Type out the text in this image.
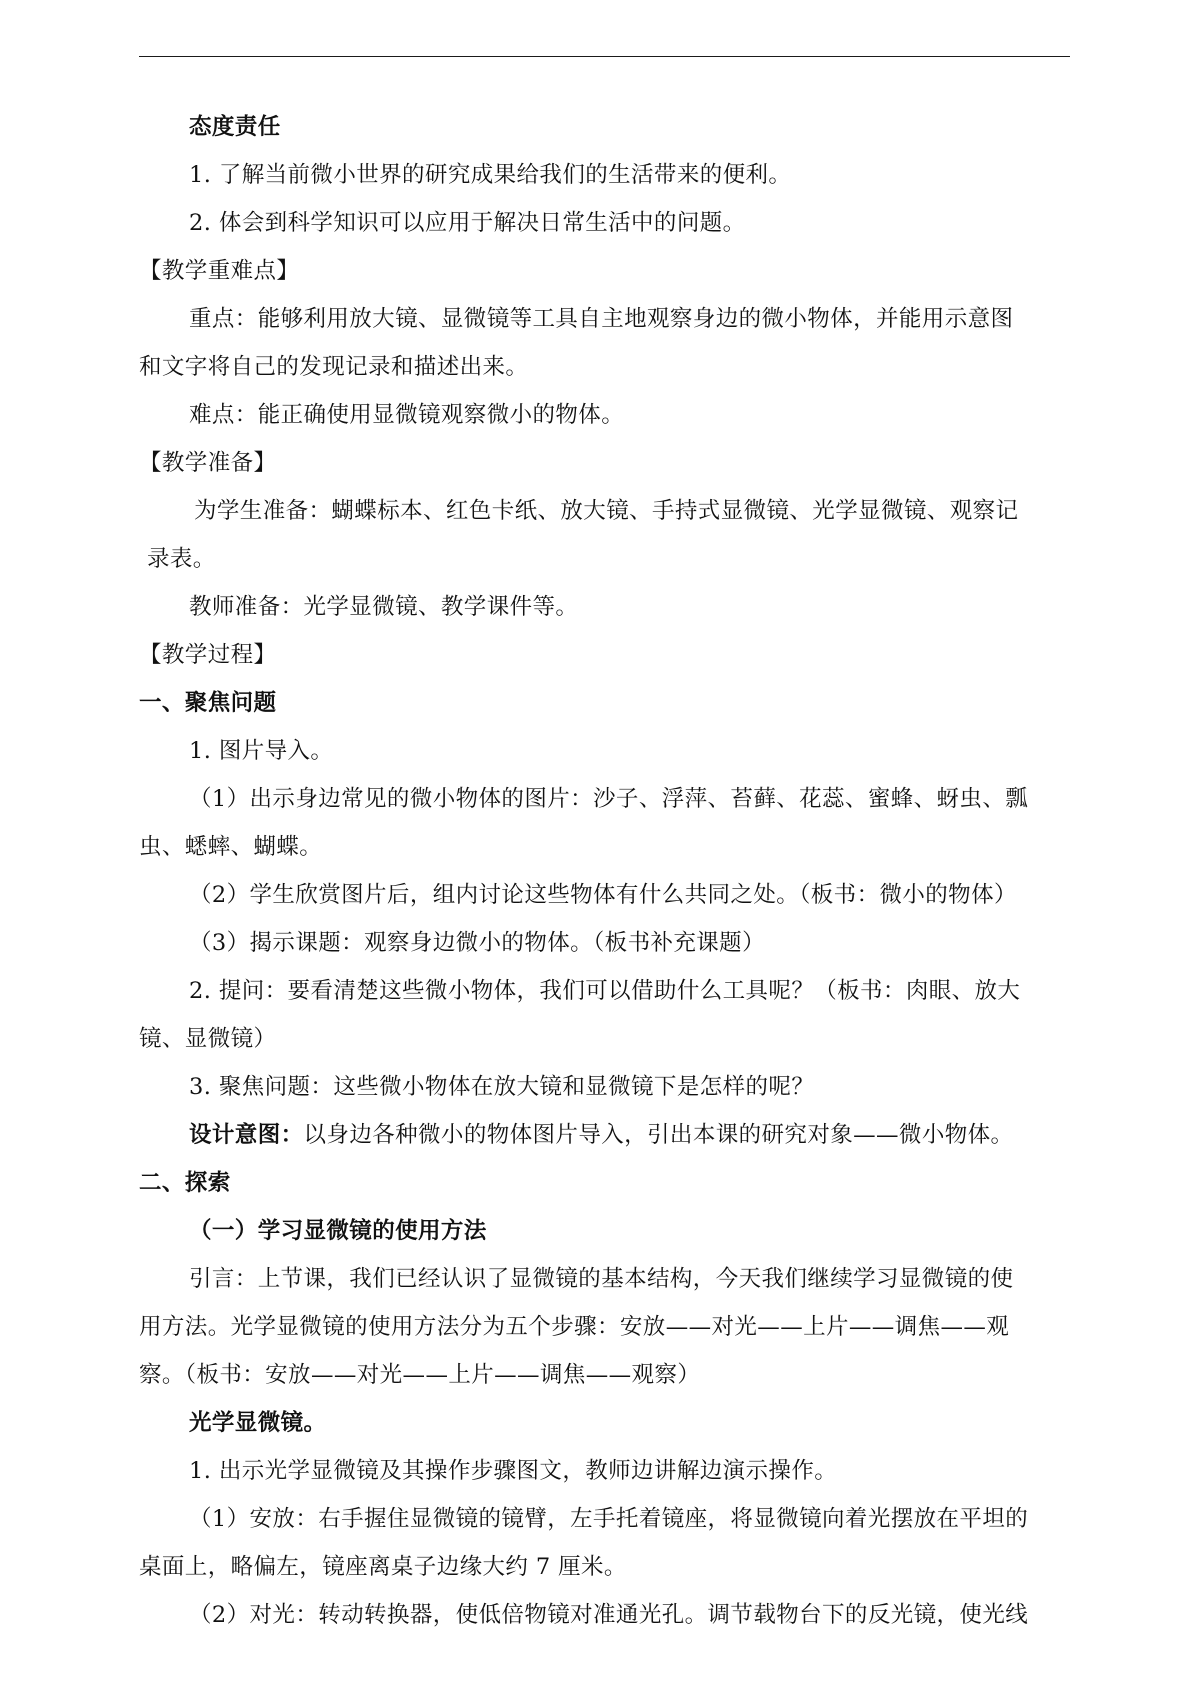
态度责任
1. 了解当前微小世界的研究成果给我们的生活带来的便利。
2. 体会到科学知识可以应用于解决日常生活中的问题。
【教学重难点】
重点：能够利用放大镜、显微镜等工具自主地观察身边的微小物体，并能用示意图
和文字将自己的发现记录和描述出来。
难点：能正确使用显微镜观察微小的物体。
【教学准备】
为学生准备：蝴蝶标本、红色卡纸、放大镜、手持式显微镜、光学显微镜、观察记
录表。
教师准备：光学显微镜、教学课件等。
【教学过程】
一、聚焦问题
1. 图片导入。
（1）出示身边常见的微小物体的图片：沙子、浮萍、苔藓、花蕊、蜜蜂、蚜虫、瓢
虫、蟋蟀、蝴蝶。
（2）学生欣赏图片后，组内讨论这些物体有什么共同之处。（板书：微小的物体）
（3）揭示课题：观察身边微小的物体。（板书补充课题）
2. 提问：要看清楚这些微小物体，我们可以借助什么工具呢？（板书：肉眼、放大
镜、显微镜）
3. 聚焦问题：这些微小物体在放大镜和显微镜下是怎样的呢？
设计意图：以身边各种微小的物体图片导入，引出本课的研究对象——微小物体。
二、探索
（一）学习显微镜的使用方法
引言：上节课，我们已经认识了显微镜的基本结构，今天我们继续学习显微镜的使
用方法。光学显微镜的使用方法分为五个步骤：安放——对光——上片——调焦——观
察。（板书：安放——对光——上片——调焦——观察）
光学显微镜。
1. 出示光学显微镜及其操作步骤图文，教师边讲解边演示操作。
（1）安放：右手握住显微镜的镜臂，左手托着镜座，将显微镜向着光摆放在平坦的
桌面上，略偏左，镜座离桌子边缘大约 7 厘米。
（2）对光：转动转换器，使低倍物镜对准通光孔。调节载物台下的反光镜，使光线
